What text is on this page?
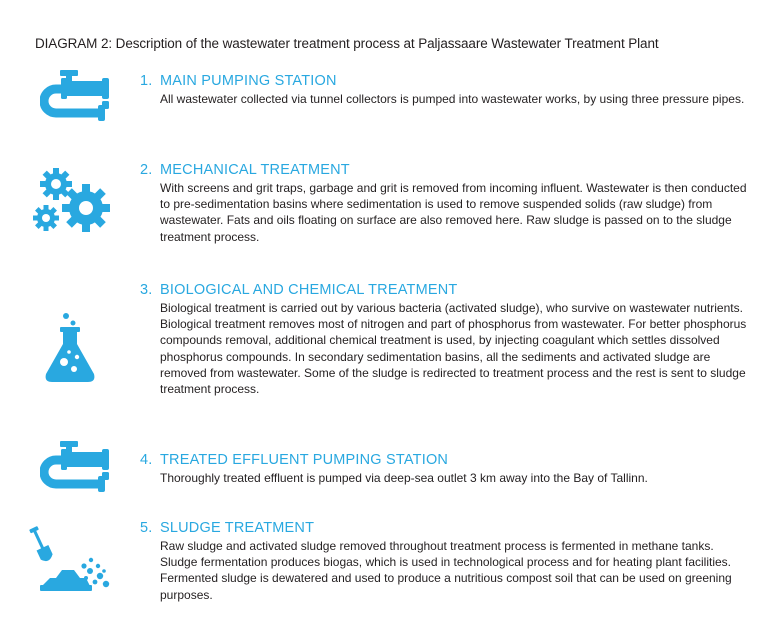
DIAGRAM 2: Description of the wastewater treatment process at Paljassaare Wastewater Treatment Plant
1. MAIN PUMPING STATION
All wastewater collected via tunnel collectors is pumped into wastewater works, by using three pressure pipes.
2. MECHANICAL TREATMENT
With screens and grit traps, garbage and grit is removed from incoming influent. Wastewater is then conducted to pre-sedimentation basins where sedimentation is used to remove suspended solids (raw sludge) from wastewater. Fats and oils floating on surface are also removed here. Raw sludge is passed on to the sludge treatment process.
3. BIOLOGICAL AND CHEMICAL TREATMENT
Biological treatment is carried out by various bacteria (activated sludge), who survive on wastewater nutrients. Biological treatment removes most of nitrogen and part of phosphorus from wastewater. For better phosphorus compounds removal, additional chemical treatment is used, by injecting coagulant which settles dissolved phosphorus compounds. In secondary sedimentation basins, all the sediments and activated sludge are removed from wastewater. Some of the sludge is redirected to treatment process and the rest is sent to sludge treatment process.
4. TREATED EFFLUENT PUMPING STATION
Thoroughly treated effluent is pumped via deep-sea outlet 3 km away into the Bay of Tallinn.
5. SLUDGE TREATMENT
Raw sludge and activated sludge removed throughout treatment process is fermented in methane tanks. Sludge fermentation produces biogas, which is used in technological process and for heating plant facilities. Fermented sludge is dewatered and used to produce a nutritious compost soil that can be used on greening purposes.
